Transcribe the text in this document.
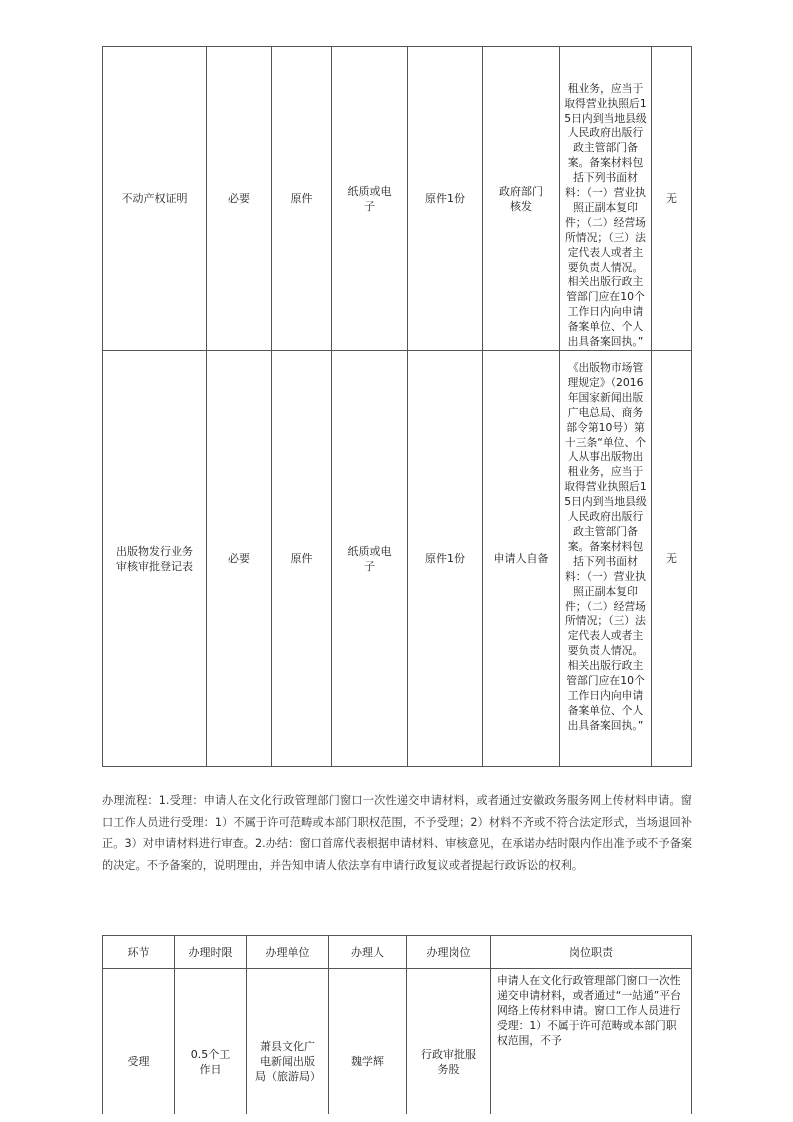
不动产权证明	必要	原件	纸质或电子	原件1份	政府部门核发	租业务，应当于取得营业执照后15日内到当地县级人民政府出版行政主管部门备案。备案材料包括下列书面材料：（一）营业执照正副本复印件；（二）经营场所情况；（三）法定代表人或者主要负责人情况。相关出版行政主管部门应在10个工作日内向申请备案单位、个人出具备案回执。”	无
出版物发行业务审核审批登记表	必要	原件	纸质或电子	原件1份	申请人自备	《出版物市场管理规定》（2016年国家新闻出版广电总局、商务部令第10号）第十三条“单位、个人从事出版物出租业务，应当于取得营业执照后15日内到当地县级人民政府出版行政主管部门备案。备案材料包括下列书面材料：（一）营业执照正副本复印件；（二）经营场所情况；（三）法定代表人或者主要负责人情况。相关出版行政主管部门应在10个工作日内向申请备案单位、个人出具备案回执。”	无
办理流程：1.受理：申请人在文化行政管理部门窗口一次性递交申请材料，或者通过安徽政务服务网上传材料申请。窗口工作人员进行受理：1）不属于许可范畴或本部门职权范围，不予受理；2）材料不齐或不符合法定形式，当场退回补正。3）对申请材料进行审查。2.办结：窗口首席代表根据申请材料、审核意见，在承诺办结时限内作出准予或不予备案的决定。不予备案的，说明理由，并告知申请人依法享有申请行政复议或者提起行政诉讼的权利。
环节	办理时限	办理单位	办理人	办理岗位	岗位职责
受理	0.5个工作日	萧县文化广电新闻出版局（旅游局）	魏学辉	行政审批服务股	申请人在文化行政管理部门窗口一次性递交申请材料，或者通过“一站通”平台网络上传材料申请。窗口工作人员进行受理：1）不属于许可范畴或本部门职权范围，不予
